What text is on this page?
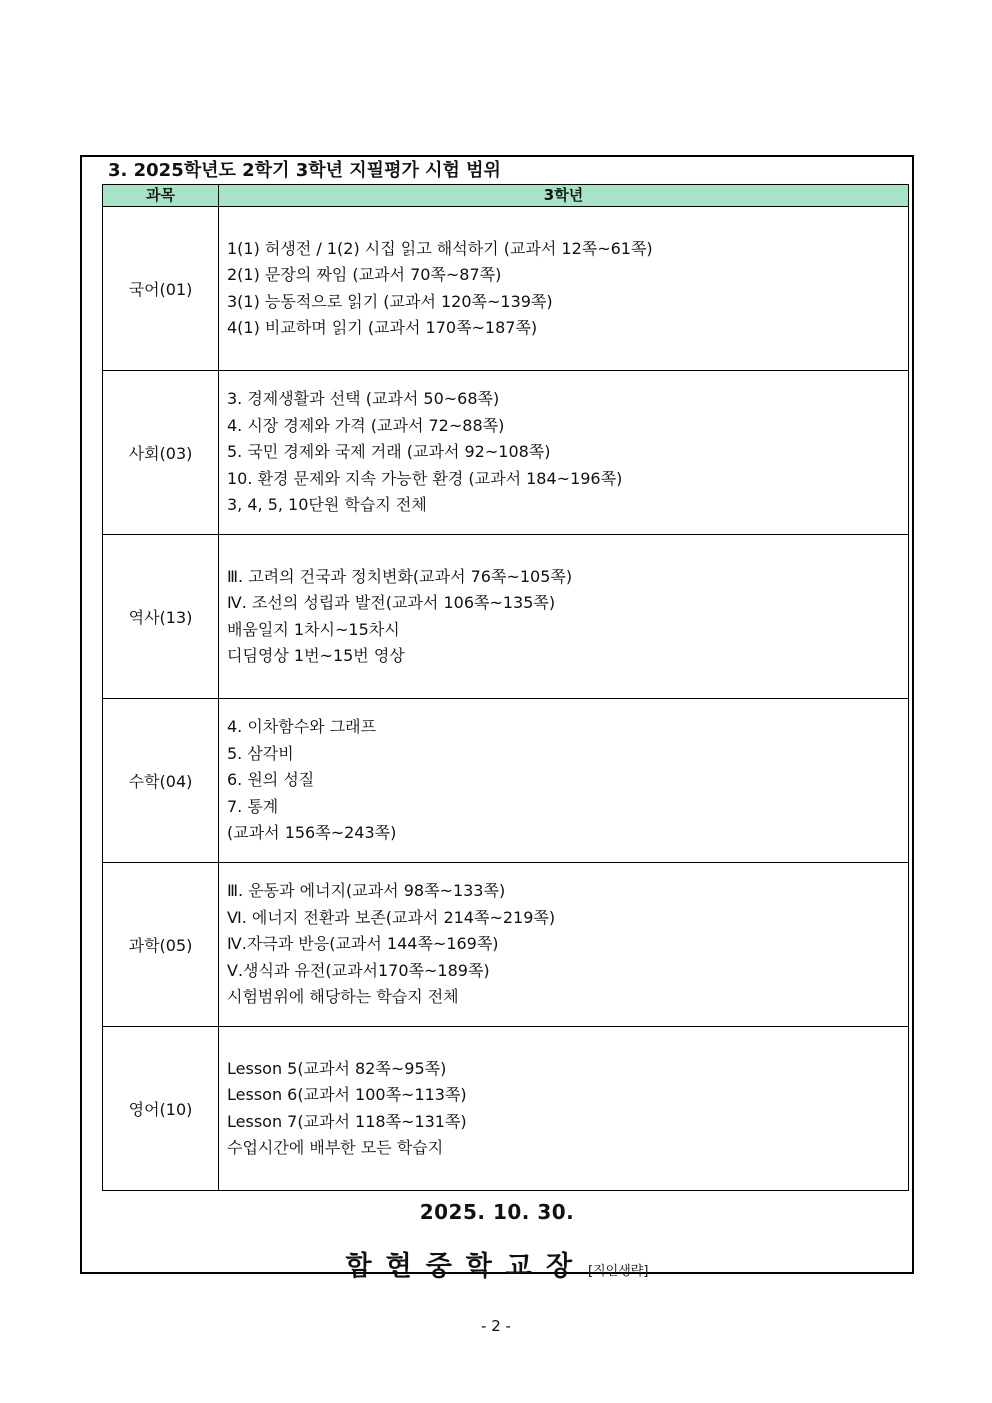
3. 2025학년도 2학기 3학년 지필평가 시험 범위
과목	3학년
국어(01)	1(1) 허생전 / 1(2) 시집 읽고 해석하기 (교과서 12쪽~61쪽)
2(1) 문장의 짜임 (교과서 70쪽~87쪽)
3(1) 능동적으로 읽기 (교과서 120쪽~139쪽)
4(1) 비교하며 읽기 (교과서 170쪽~187쪽)

사회(03)	3. 경제생활과 선택 (교과서 50~68쪽)
4. 시장 경제와 가격 (교과서 72~88쪽)
5. 국민 경제와 국제 거래 (교과서 92~108쪽)
10. 환경 문제와 지속 가능한 환경 (교과서 184~196쪽)
3, 4, 5, 10단원 학습지 전체

역사(13)	Ⅲ. 고려의 건국과 정치변화(교과서 76쪽~105쪽)
Ⅳ. 조선의 성립과 발전(교과서 106쪽~135쪽)
배움일지 1차시~15차시
디딤영상 1번~15번 영상

수학(04)	4. 이차함수와 그래프
5. 삼각비
6. 원의 성질
7. 통계
(교과서 156쪽~243쪽)

과학(05)	Ⅲ. 운동과 에너지(교과서 98쪽~133쪽)
Ⅵ. 에너지 전환과 보존(교과서 214쪽~219쪽)
Ⅳ.자극과 반응(교과서 144쪽~169쪽)
Ⅴ.생식과 유전(교과서170쪽~189쪽)
시험범위에 해당하는 학습지 전체

영어(10)	Lesson 5(교과서 82쪽~95쪽)
Lesson 6(교과서 100쪽~113쪽)
Lesson 7(교과서 118쪽~131쪽)
수업시간에 배부한 모든 학습지
2025. 10. 30.
함현중학교장 [직인생략]
- 2 -
